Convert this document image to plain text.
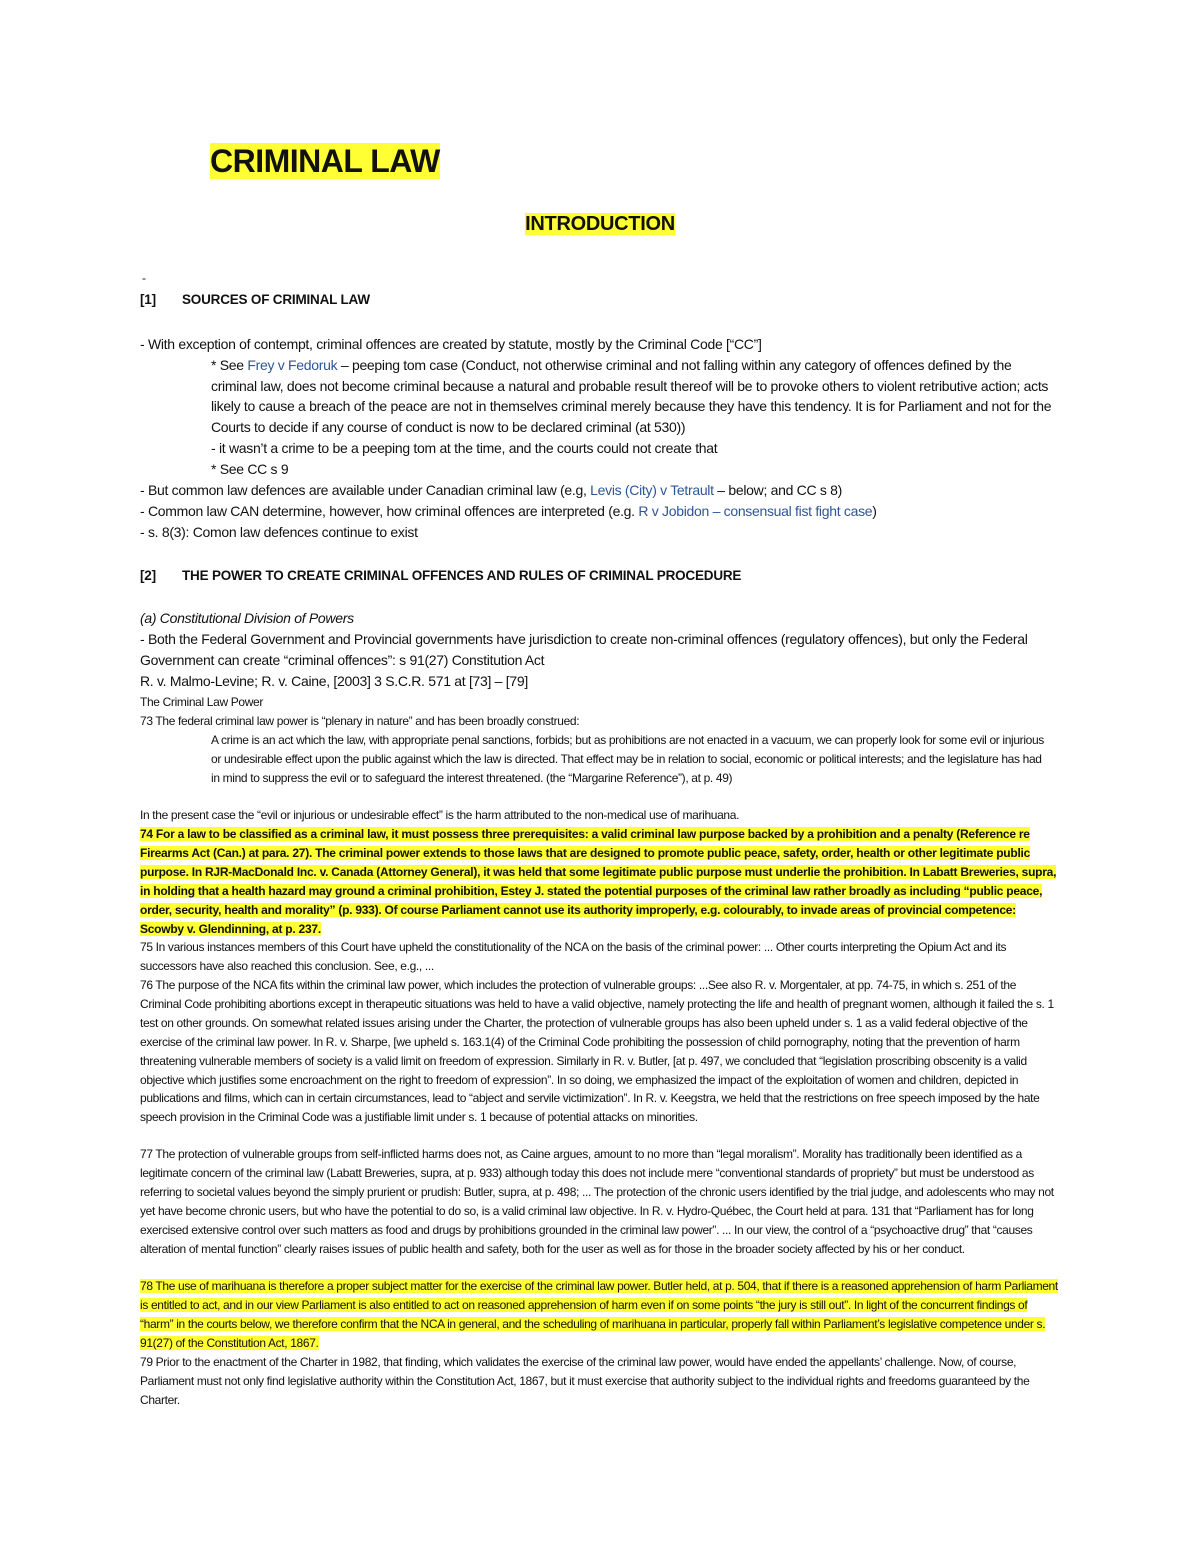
CRIMINAL LAW
INTRODUCTION
-
[1] SOURCES OF CRIMINAL LAW

- With exception of contempt, criminal offences are created by statute, mostly by the Criminal Code [“CC”]

* See Frey v Fedoruk – peeping tom case (Conduct, not otherwise criminal and not falling within any category of offences defined by the criminal law, does not become criminal because a natural and probable result thereof will be to provoke others to violent retributive action; acts likely to cause a breach of the peace are not in themselves criminal merely because they have this tendency. It is for Parliament and not for the Courts to decide if any course of conduct is now to be declared criminal (at 530))

- it wasn’t a crime to be a peeping tom at the time, and the courts could not create that

* See CC s 9

- But common law defences are available under Canadian criminal law (e.g, Levis (City) v Tetrault – below; and CC s 8)

- Common law CAN determine, however, how criminal offences are interpreted (e.g. R v Jobidon – consensual fist fight case)

- s. 8(3): Comon law defences continue to exist

[2] THE POWER TO CREATE CRIMINAL OFFENCES AND RULES OF CRIMINAL PROCEDURE

(a) Constitutional Division of Powers

- Both the Federal Government and Provincial governments have jurisdiction to create non-criminal offences (regulatory offences), but only the Federal Government can create “criminal offences”: s 91(27) Constitution Act

R. v. Malmo-Levine; R. v. Caine, [2003] 3 S.C.R. 571 at [73] – [79]

The Criminal Law Power

73 The federal criminal law power is “plenary in nature” and has been broadly construed:

A crime is an act which the law, with appropriate penal sanctions, forbids; but as prohibitions are not enacted in a vacuum, we can properly look for some evil or injurious or undesirable effect upon the public against which the law is directed. That effect may be in relation to social, economic or political interests; and the legislature has had in mind to suppress the evil or to safeguard the interest threatened. (the “Margarine Reference”), at p. 49)

In the present case the “evil or injurious or undesirable effect” is the harm attributed to the non-medical use of marihuana.

74 For a law to be classified as a criminal law, it must possess three prerequisites: a valid criminal law purpose backed by a prohibition and a penalty (Reference re Firearms Act (Can.) at para. 27). The criminal power extends to those laws that are designed to promote public peace, safety, order, health or other legitimate public purpose. In RJR-MacDonald Inc. v. Canada (Attorney General), it was held that some legitimate public purpose must underlie the prohibition. In Labatt Breweries, supra, in holding that a health hazard may ground a criminal prohibition, Estey J. stated the potential purposes of the criminal law rather broadly as including “public peace, order, security, health and morality” (p. 933). Of course Parliament cannot use its authority improperly, e.g. colourably, to invade areas of provincial competence: Scowby v. Glendinning, at p. 237.

75 In various instances members of this Court have upheld the constitutionality of the NCA on the basis of the criminal power: ... Other courts interpreting the Opium Act and its successors have also reached this conclusion. See, e.g., ...

76 The purpose of the NCA fits within the criminal law power, which includes the protection of vulnerable groups: ...See also R. v. Morgentaler, at pp. 74-75, in which s. 251 of the Criminal Code prohibiting abortions except in therapeutic situations was held to have a valid objective, namely protecting the life and health of pregnant women, although it failed the s. 1 test on other grounds. On somewhat related issues arising under the Charter, the protection of vulnerable groups has also been upheld under s. 1 as a valid federal objective of the exercise of the criminal law power. In R. v. Sharpe, [we upheld s. 163.1(4) of the Criminal Code prohibiting the possession of child pornography, noting that the prevention of harm threatening vulnerable members of society is a valid limit on freedom of expression. Similarly in R. v. Butler, [at p. 497, we concluded that “legislation proscribing obscenity is a valid objective which justifies some encroachment on the right to freedom of expression”. In so doing, we emphasized the impact of the exploitation of women and children, depicted in publications and films, which can in certain circumstances, lead to “abject and servile victimization”. In R. v. Keegstra, we held that the restrictions on free speech imposed by the hate speech provision in the Criminal Code was a justifiable limit under s. 1 because of potential attacks on minorities.

77 The protection of vulnerable groups from self-inflicted harms does not, as Caine argues, amount to no more than “legal moralism”. Morality has traditionally been identified as a legitimate concern of the criminal law (Labatt Breweries, supra, at p. 933) although today this does not include mere “conventional standards of propriety” but must be understood as referring to societal values beyond the simply prurient or prudish: Butler, supra, at p. 498; ... The protection of the chronic users identified by the trial judge, and adolescents who may not yet have become chronic users, but who have the potential to do so, is a valid criminal law objective. In R. v. Hydro-Québec, the Court held at para. 131 that “Parliament has for long exercised extensive control over such matters as food and drugs by prohibitions grounded in the criminal law power”. ... In our view, the control of a “psychoactive drug” that “causes alteration of mental function” clearly raises issues of public health and safety, both for the user as well as for those in the broader society affected by his or her conduct.

78 The use of marihuana is therefore a proper subject matter for the exercise of the criminal law power. Butler held, at p. 504, that if there is a reasoned apprehension of harm Parliament is entitled to act, and in our view Parliament is also entitled to act on reasoned apprehension of harm even if on some points “the jury is still out”. In light of the concurrent findings of “harm” in the courts below, we therefore confirm that the NCA in general, and the scheduling of marihuana in particular, properly fall within Parliament’s legislative competence under s. 91(27) of the Constitution Act, 1867.

79 Prior to the enactment of the Charter in 1982, that finding, which validates the exercise of the criminal law power, would have ended the appellants’ challenge. Now, of course, Parliament must not only find legislative authority within the Constitution Act, 1867, but it must exercise that authority subject to the individual rights and freedoms guaranteed by the Charter.
